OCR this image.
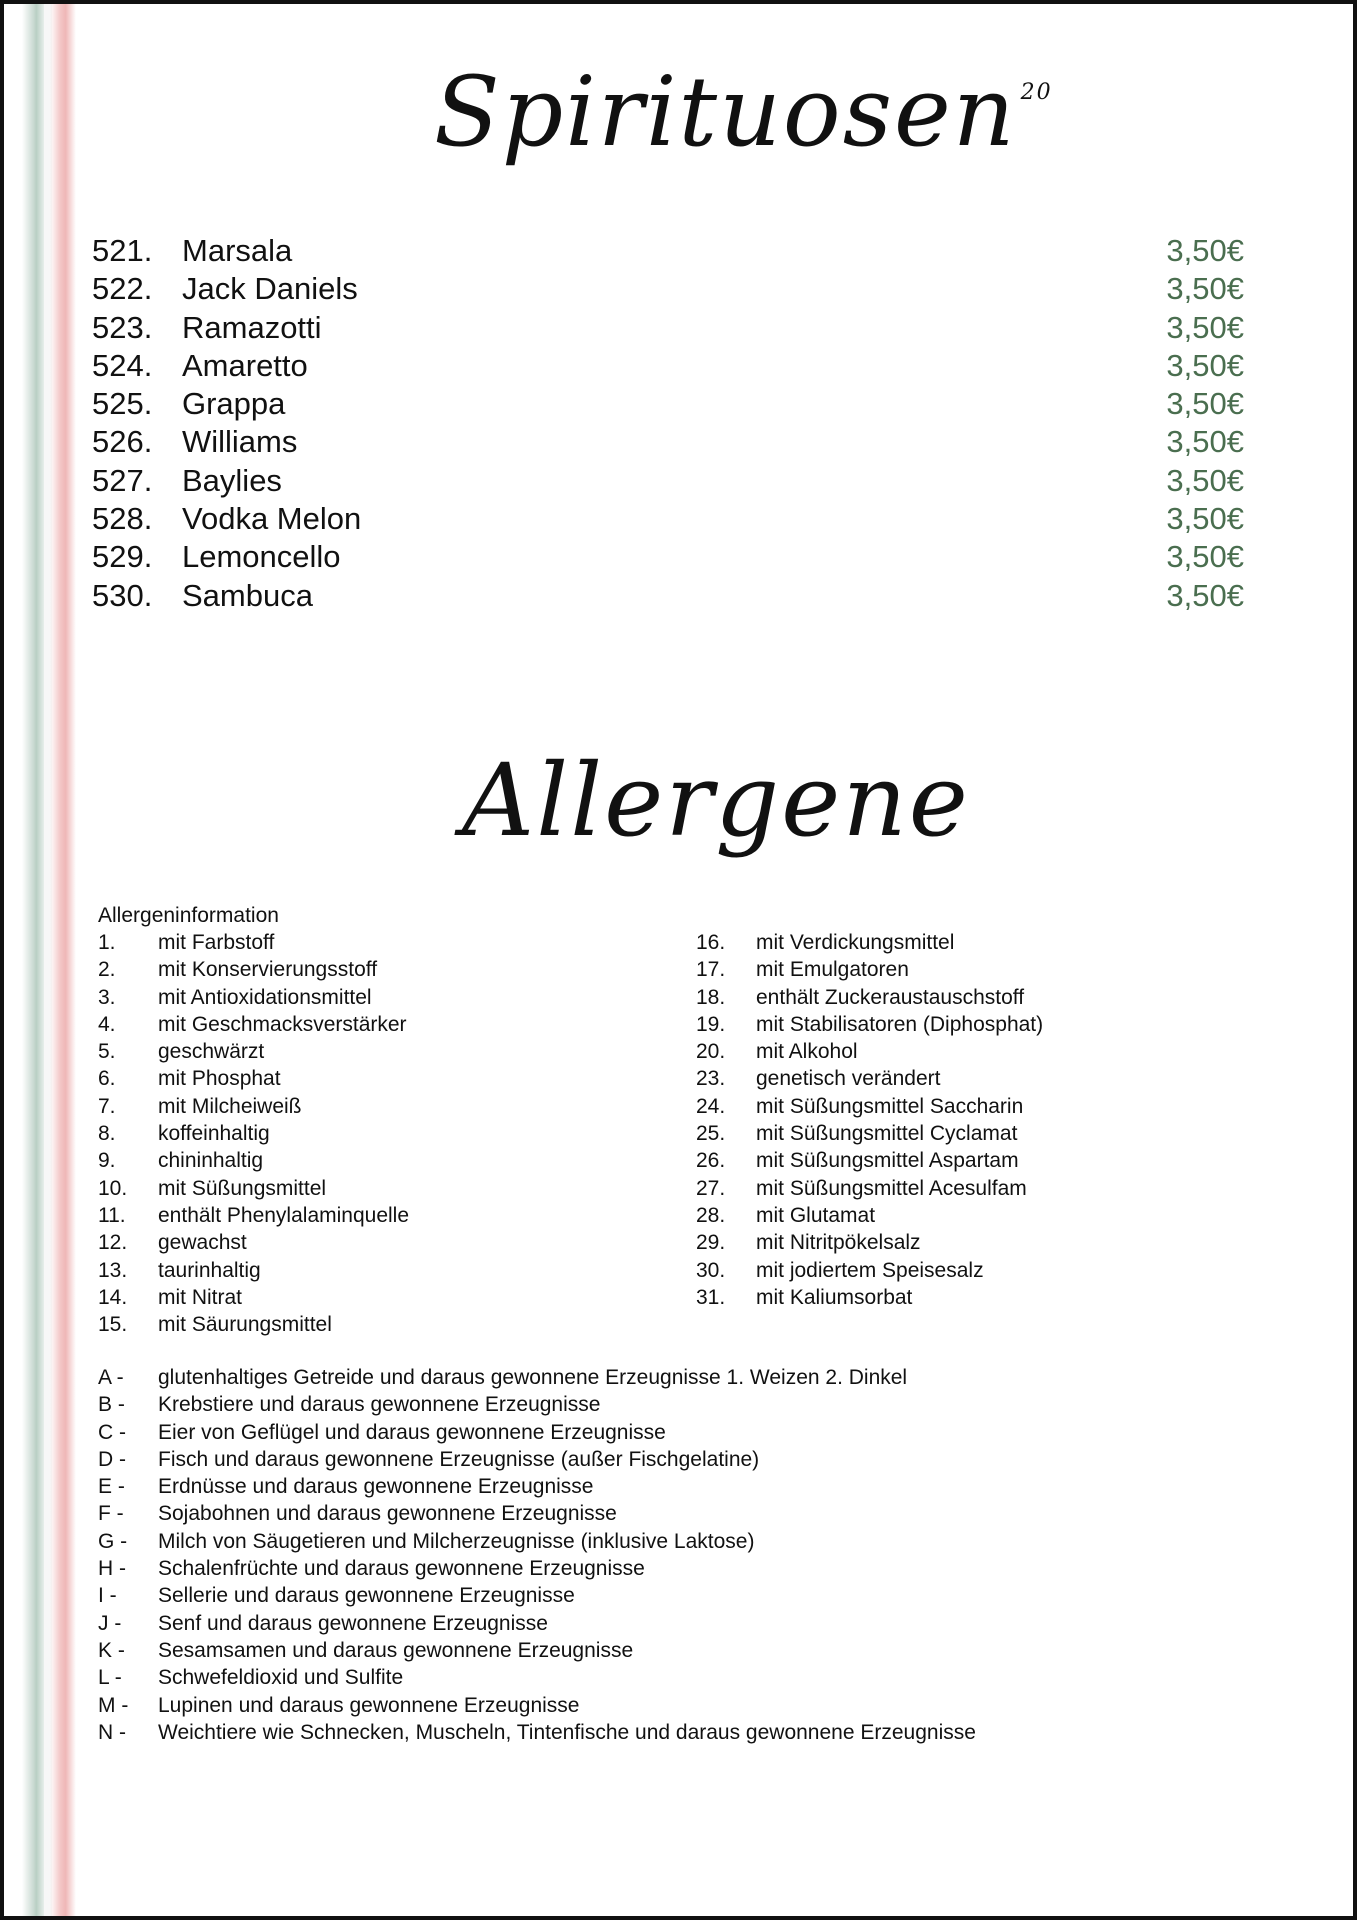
Spirituosen $^{20}$
521. Marsala	3,50€
522. Jack Daniels	3,50€
523. Ramazotti	3,50€
524. Amaretto	3,50€
525. Grappa	3,50€
526. Williams	3,50€
527. Baylies	3,50€
528. Vodka Melon	3,50€
529. Lemoncello	3,50€
530. Sambuca	3,50€
Allergene
Allergeninformation
1. mit Farbstoff
2. mit Konservierungsstoff
3. mit Antioxidationsmittel
4. mit Geschmacksverstärker
5. geschwärzt
6. mit Phosphat
7. mit Milcheiweiß
8. koffeinhaltig
9. chininhaltig
10. mit Süßungsmittel
11. enthält Phenylalaminquelle
12. gewachst
13. taurinhaltig
14. mit Nitrat
15. mit Säurungsmittel
16. mit Verdickungsmittel
17. mit Emulgatoren
18. enthält Zuckeraustauschstoff
19. mit Stabilisatoren (Diphosphat)
20. mit Alkohol
23. genetisch verändert
24. mit Süßungsmittel Saccharin
25. mit Süßungsmittel Cyclamat
26. mit Süßungsmittel Aspartam
27. mit Süßungsmittel Acesulfam
28. mit Glutamat
29. mit Nitritpökelsalz
30. mit jodiertem Speisesalz
31. mit Kaliumsorbat
A - glutenhaltiges Getreide und daraus gewonnene Erzeugnisse 1. Weizen 2. Dinkel
B - Krebstiere und daraus gewonnene Erzeugnisse
C - Eier von Geflügel und daraus gewonnene Erzeugnisse
D - Fisch und daraus gewonnene Erzeugnisse (außer Fischgelatine)
E - Erdnüsse und daraus gewonnene Erzeugnisse
F - Sojabohnen und daraus gewonnene Erzeugnisse
G - Milch von Säugetieren und Milcherzeugnisse (inklusive Laktose)
H - Schalenfrüchte und daraus gewonnene Erzeugnisse
I - Sellerie und daraus gewonnene Erzeugnisse
J - Senf und daraus gewonnene Erzeugnisse
K - Sesamsamen und daraus gewonnene Erzeugnisse
L - Schwefeldioxid und Sulfite
M - Lupinen und daraus gewonnene Erzeugnisse
N - Weichtiere wie Schnecken, Muscheln, Tintenfische und daraus gewonnene Erzeugnisse
